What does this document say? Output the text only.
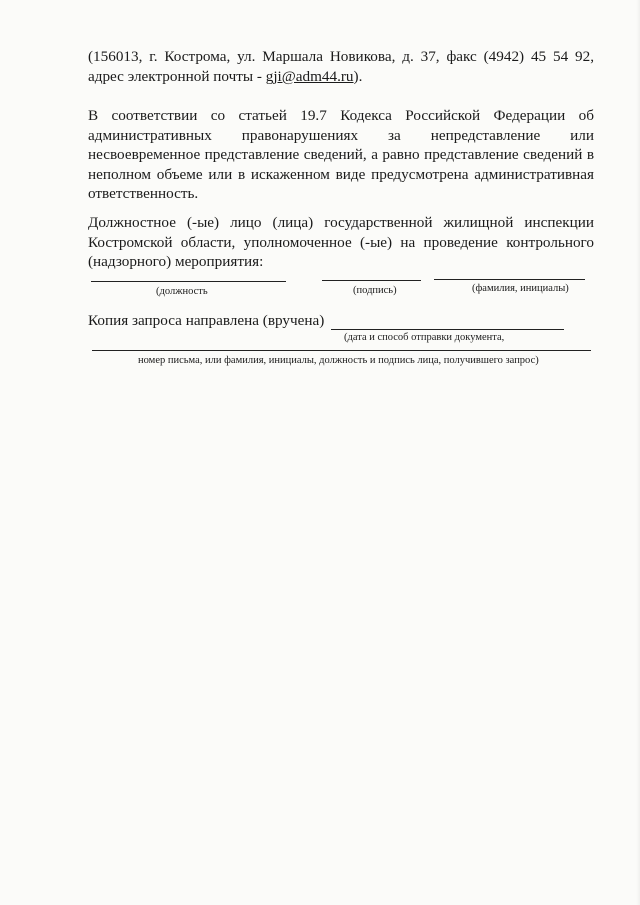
(156013, г. Кострома, ул. Маршала Новикова, д. 37, факс (4942) 45 54 92,
адрес электронной почты - gji@adm44.ru).
В соответствии со статьей 19.7 Кодекса Российской Федерации об
административных правонарушениях за непредставление или
несвоевременное представление сведений, а равно представление сведений в
неполном объеме или в искаженном виде предусмотрена административная
ответственность.
Должностное (-ые) лицо (лица) государственной жилищной инспекции
Костромской области, уполномоченное (-ые) на проведение контрольного
(надзорного) мероприятия:
(должность	(подпись)	(фамилия, инициалы)
Копия запроса направлена (вручена)
(дата и способ отправки документа,
номер письма, или фамилия, инициалы, должность и подпись лица, получившего запрос)
